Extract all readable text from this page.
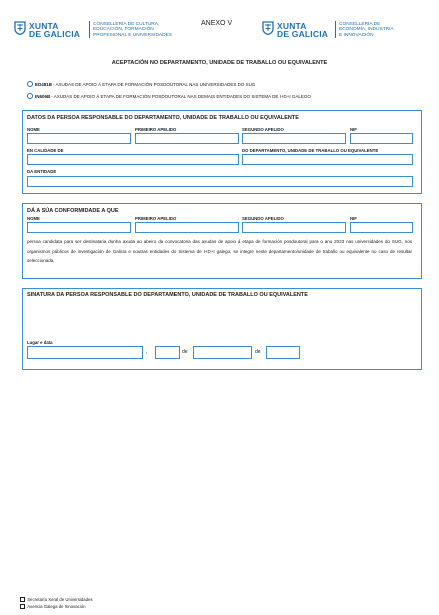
XUNTA
DE GALICIA
CONSELLERÍA DE CULTURA,
EDUCACIÓN, FORMACIÓN
PROFESIONAL E UNIVERSIDADES
ANEXO V	XUNTA
DE GALICIA
CONSELLERÍA DE
ECONOMÍA, INDUSTRIA
E INNOVACIÓN
ACEPTACIÓN NO DEPARTAMENTO, UNIDADE DE TRABALLO OU EQUIVALENTE
ED481B - AXUDAS DE APOIO Á ETAPA DE FORMACIÓN POSDOUTORAL NAS UNIVERSIDADES DO SUG
IN606B - AXUDAS DE APOIO Á ETAPA DE FORMACIÓN POSDOUTORAL NAS DEMAIS ENTIDADES DO SISTEMA DE I+D+I GALEGO
DATOS DA PERSOA RESPONSABLE DO DEPARTAMENTO, UNIDADE DE TRABALLO OU EQUIVALENTE
NOME	PRIMEIRO APELIDO	SEGUNDO APELIDO	NIF
EN CALIDADE DE	DO DEPARTAMENTO, UNIDADE DE TRABALLO OU EQUIVALENTE
DA ENTIDADE
DÁ A SÚA CONFORMIDADE A QUE
NOME	PRIMEIRO APELIDO	SEGUNDO APELIDO	NIF
persoa candidata para ser destinataria dunha axuda ao abeiro da convocatoria das axudas de apoio á etapa de formación posdoutoral para o ano 2023 nas universidades do SUG, nos organismos públicos de investigación de Galicia e noutras entidades do Sistema de I+D+I galego, se integre neste departamento/unidade de traballo ou equivalente no caso de resultar seleccionada.
SINATURA DA PERSOA RESPONSABLE DO DEPARTAMENTO, UNIDADE DE TRABALLO OU EQUIVALENTE
Lugar e data
,	de	de
Secretaría Xeral de Universidades
Axencia Galega de Innovación
